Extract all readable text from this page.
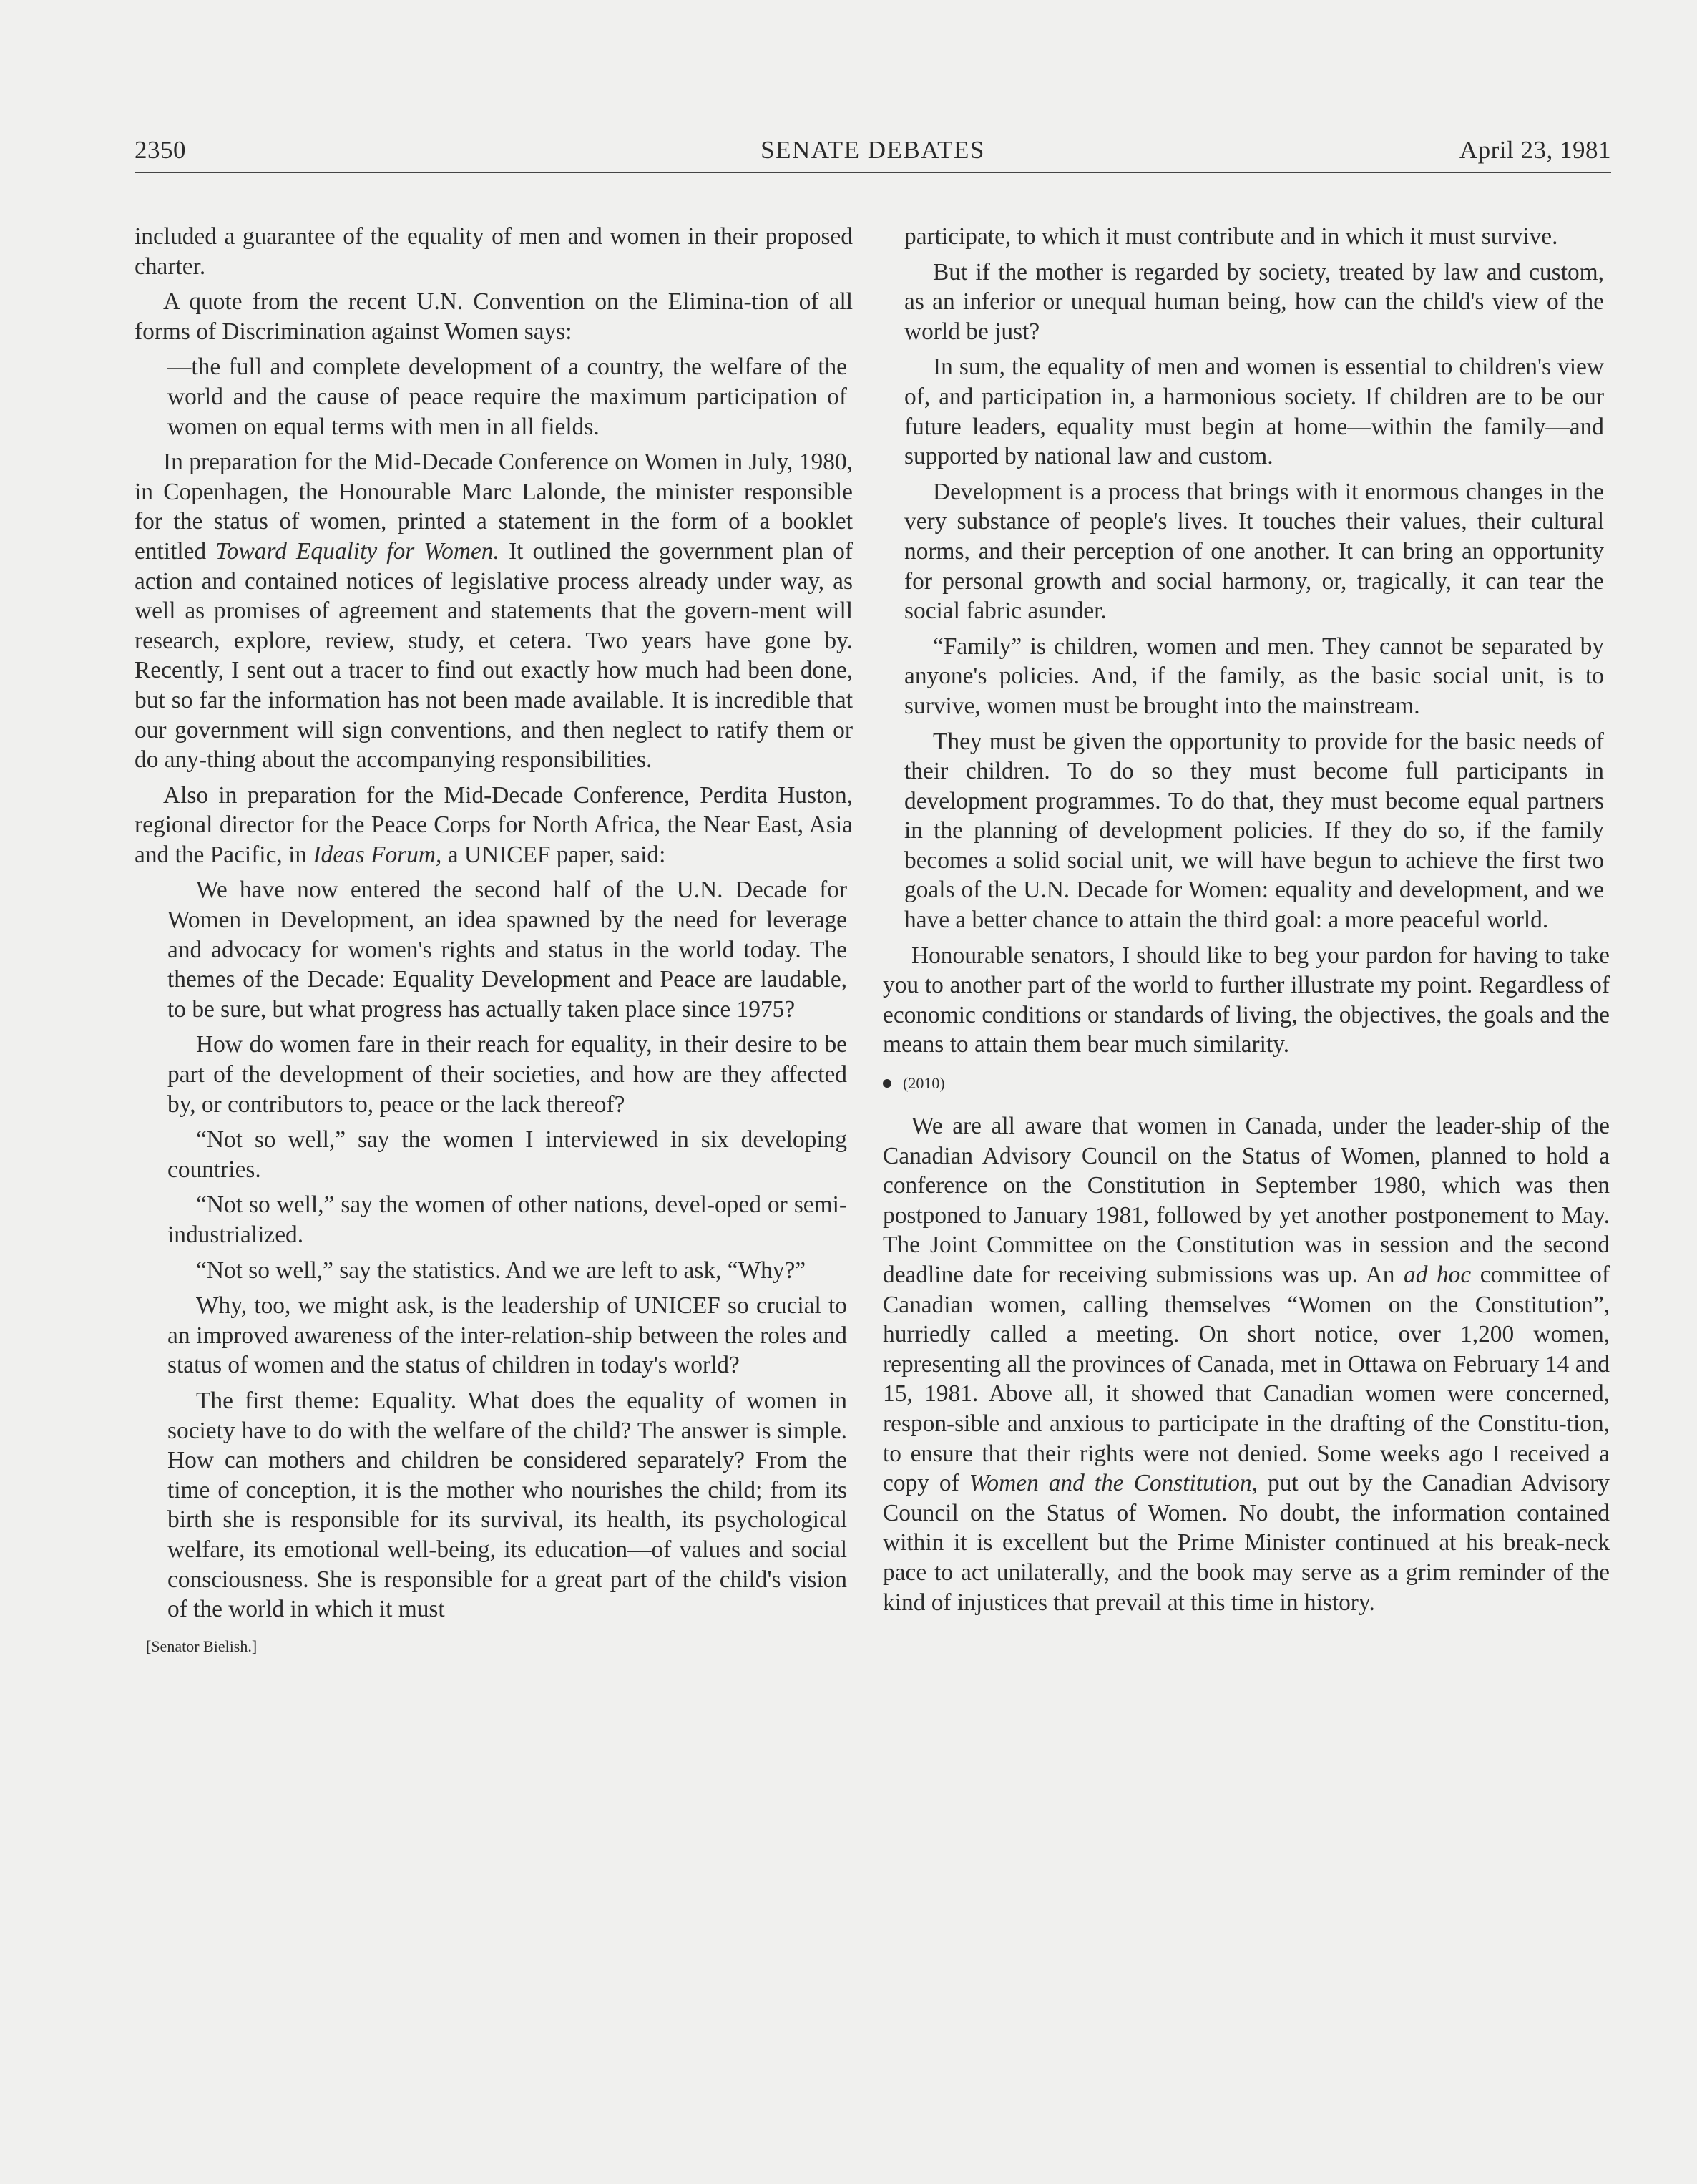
2350	SENATE DEBATES	April 23, 1981

included a guarantee of the equality of men and women in their proposed charter.

A quote from the recent U.N. Convention on the Elimina-tion of all forms of Discrimination against Women says:

—the full and complete development of a country, the welfare of the world and the cause of peace require the maximum participation of women on equal terms with men in all fields.

In preparation for the Mid-Decade Conference on Women in July, 1980, in Copenhagen, the Honourable Marc Lalonde, the minister responsible for the status of women, printed a statement in the form of a booklet entitled Toward Equality for Women. It outlined the government plan of action and contained notices of legislative process already under way, as well as promises of agreement and statements that the govern-ment will research, explore, review, study, et cetera. Two years have gone by. Recently, I sent out a tracer to find out exactly how much had been done, but so far the information has not been made available. It is incredible that our government will sign conventions, and then neglect to ratify them or do any-thing about the accompanying responsibilities.

Also in preparation for the Mid-Decade Conference, Perdita Huston, regional director for the Peace Corps for North Africa, the Near East, Asia and the Pacific, in Ideas Forum, a UNICEF paper, said:

We have now entered the second half of the U.N. Decade for Women in Development, an idea spawned by the need for leverage and advocacy for women's rights and status in the world today. The themes of the Decade: Equality Development and Peace are laudable, to be sure, but what progress has actually taken place since 1975?

How do women fare in their reach for equality, in their desire to be part of the development of their societies, and how are they affected by, or contributors to, peace or the lack thereof?

“Not so well,” say the women I interviewed in six developing countries.

“Not so well,” say the women of other nations, devel-oped or semi-industrialized.

“Not so well,” say the statistics. And we are left to ask, “Why?”

Why, too, we might ask, is the leadership of UNICEF so crucial to an improved awareness of the inter-relation-ship between the roles and status of women and the status of children in today's world?

The first theme: Equality. What does the equality of women in society have to do with the welfare of the child? The answer is simple. How can mothers and children be considered separately? From the time of conception, it is the mother who nourishes the child; from its birth she is responsible for its survival, its health, its psychological welfare, its emotional well-being, its education—of values and social consciousness. She is responsible for a great part of the child's vision of the world in which it must

[Senator Bielish.]

participate, to which it must contribute and in which it must survive.

But if the mother is regarded by society, treated by law and custom, as an inferior or unequal human being, how can the child's view of the world be just?

In sum, the equality of men and women is essential to children's view of, and participation in, a harmonious society. If children are to be our future leaders, equality must begin at home—within the family—and supported by national law and custom.

Development is a process that brings with it enormous changes in the very substance of people's lives. It touches their values, their cultural norms, and their perception of one another. It can bring an opportunity for personal growth and social harmony, or, tragically, it can tear the social fabric asunder.

“Family” is children, women and men. They cannot be separated by anyone's policies. And, if the family, as the basic social unit, is to survive, women must be brought into the mainstream.

They must be given the opportunity to provide for the basic needs of their children. To do so they must become full participants in development programmes. To do that, they must become equal partners in the planning of development policies. If they do so, if the family becomes a solid social unit, we will have begun to achieve the first two goals of the U.N. Decade for Women: equality and development, and we have a better chance to attain the third goal: a more peaceful world.

Honourable senators, I should like to beg your pardon for having to take you to another part of the world to further illustrate my point. Regardless of economic conditions or standards of living, the objectives, the goals and the means to attain them bear much similarity.

(2010)

We are all aware that women in Canada, under the leader-ship of the Canadian Advisory Council on the Status of Women, planned to hold a conference on the Constitution in September 1980, which was then postponed to January 1981, followed by yet another postponement to May. The Joint Committee on the Constitution was in session and the second deadline date for receiving submissions was up. An ad hoc committee of Canadian women, calling themselves “Women on the Constitution”, hurriedly called a meeting. On short notice, over 1,200 women, representing all the provinces of Canada, met in Ottawa on February 14 and 15, 1981. Above all, it showed that Canadian women were concerned, respon-sible and anxious to participate in the drafting of the Constitu-tion, to ensure that their rights were not denied. Some weeks ago I received a copy of Women and the Constitution, put out by the Canadian Advisory Council on the Status of Women. No doubt, the information contained within it is excellent but the Prime Minister continued at his break-neck pace to act unilaterally, and the book may serve as a grim reminder of the kind of injustices that prevail at this time in history.
